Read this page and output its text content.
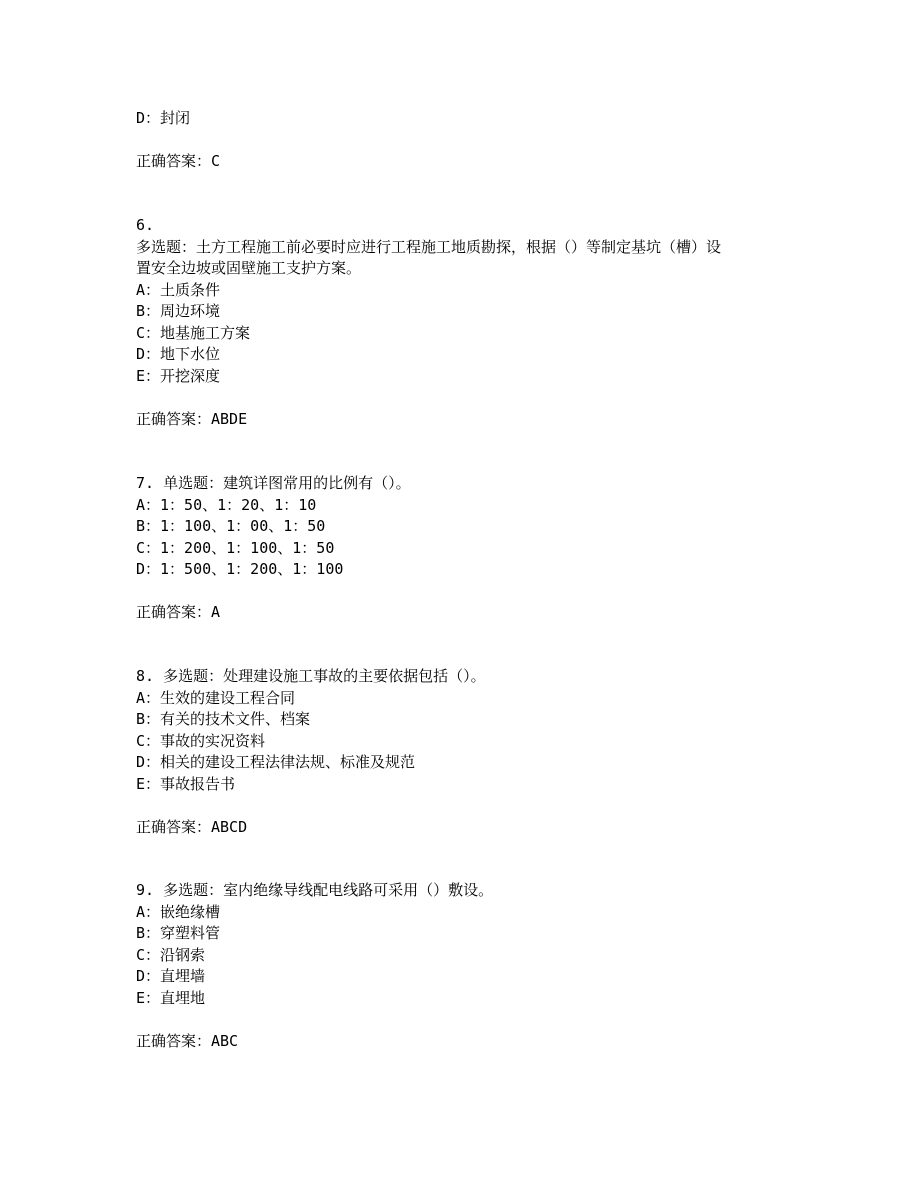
D：封闭
正确答案：C
6.
多选题：土方工程施工前必要时应进行工程施工地质勘探，根据（）等制定基坑（槽）设
置安全边坡或固壁施工支护方案。
A：土质条件
B：周边环境
C：地基施工方案
D：地下水位
E：开挖深度
正确答案：ABDE
7. 单选题：建筑详图常用的比例有（）。
A：1：50、1：20、1：10
B：1：100、1：00、1：50
C：1：200、1：100、1：50
D：1：500、1：200、1：100
正确答案：A
8. 多选题：处理建设施工事故的主要依据包括（）。
A：生效的建设工程合同
B：有关的技术文件、档案
C：事故的实况资料
D：相关的建设工程法律法规、标准及规范
E：事故报告书
正确答案：ABCD
9. 多选题：室内绝缘导线配电线路可采用（）敷设。
A：嵌绝缘槽
B：穿塑料管
C：沿钢索
D：直埋墙
E：直埋地
正确答案：ABC
